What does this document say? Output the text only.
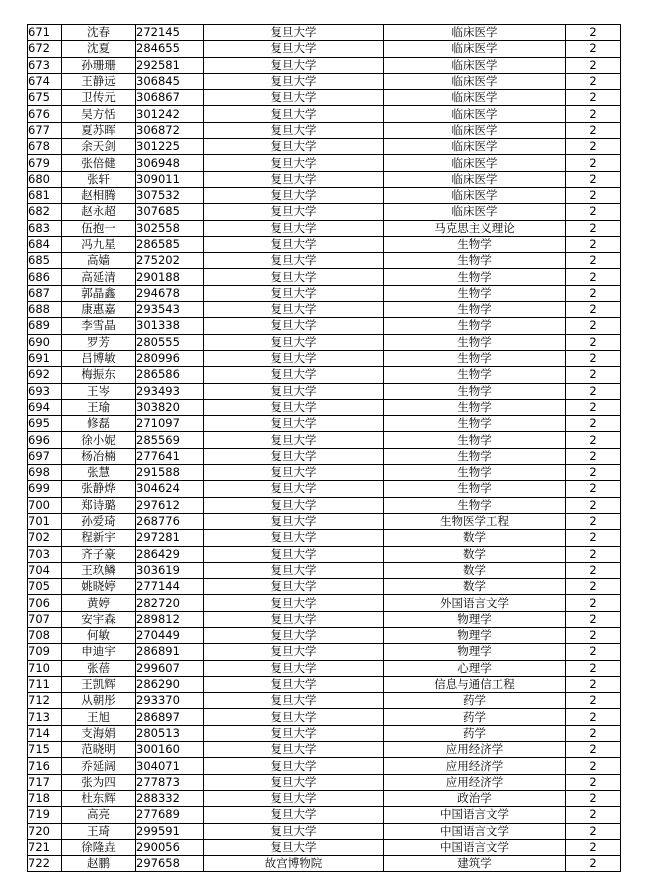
671	沈春	272145	复旦大学	临床医学	2
672	沈夏	284655	复旦大学	临床医学	2
673	孙珊珊	292581	复旦大学	临床医学	2
674	王静远	306845	复旦大学	临床医学	2
675	卫传元	306867	复旦大学	临床医学	2
676	吴方恬	301242	复旦大学	临床医学	2
677	夏苏晖	306872	复旦大学	临床医学	2
678	余天剑	301225	复旦大学	临床医学	2
679	张倍健	306948	复旦大学	临床医学	2
680	张轩	309011	复旦大学	临床医学	2
681	赵相腾	307532	复旦大学	临床医学	2
682	赵永超	307685	复旦大学	临床医学	2
683	伍抱一	302558	复旦大学	马克思主义理论	2
684	冯九星	286585	复旦大学	生物学	2
685	高嫱	275202	复旦大学	生物学	2
686	高延清	290188	复旦大学	生物学	2
687	郭晶鑫	294678	复旦大学	生物学	2
688	康惠嘉	293543	复旦大学	生物学	2
689	李雪晶	301338	复旦大学	生物学	2
690	罗芳	280555	复旦大学	生物学	2
691	吕博敏	280996	复旦大学	生物学	2
692	梅振东	286586	复旦大学	生物学	2
693	王岑	293493	复旦大学	生物学	2
694	王瑜	303820	复旦大学	生物学	2
695	修磊	271097	复旦大学	生物学	2
696	徐小妮	285569	复旦大学	生物学	2
697	杨冶楠	277641	复旦大学	生物学	2
698	张慧	291588	复旦大学	生物学	2
699	张静烨	304624	复旦大学	生物学	2
700	郑诗璐	297612	复旦大学	生物学	2
701	孙爱琦	268776	复旦大学	生物医学工程	2
702	程新宇	297281	复旦大学	数学	2
703	齐子豪	286429	复旦大学	数学	2
704	王玖鳞	303619	复旦大学	数学	2
705	姚晓婷	277144	复旦大学	数学	2
706	黄婷	282720	复旦大学	外国语言文学	2
707	安宇森	289812	复旦大学	物理学	2
708	何敏	270449	复旦大学	物理学	2
709	申迪宇	286891	复旦大学	物理学	2
710	张蓓	299607	复旦大学	心理学	2
711	王凯辉	286290	复旦大学	信息与通信工程	2
712	从朝彤	293370	复旦大学	药学	2
713	王旭	286897	复旦大学	药学	2
714	支海娟	280513	复旦大学	药学	2
715	范晓明	300160	复旦大学	应用经济学	2
716	乔延阔	304071	复旦大学	应用经济学	2
717	张为四	277873	复旦大学	应用经济学	2
718	杜东辉	288332	复旦大学	政治学	2
719	高亮	277689	复旦大学	中国语言文学	2
720	王琦	299591	复旦大学	中国语言文学	2
721	徐隆垚	290056	复旦大学	中国语言文学	2
722	赵鹏	297658	故宫博物院	建筑学	2
